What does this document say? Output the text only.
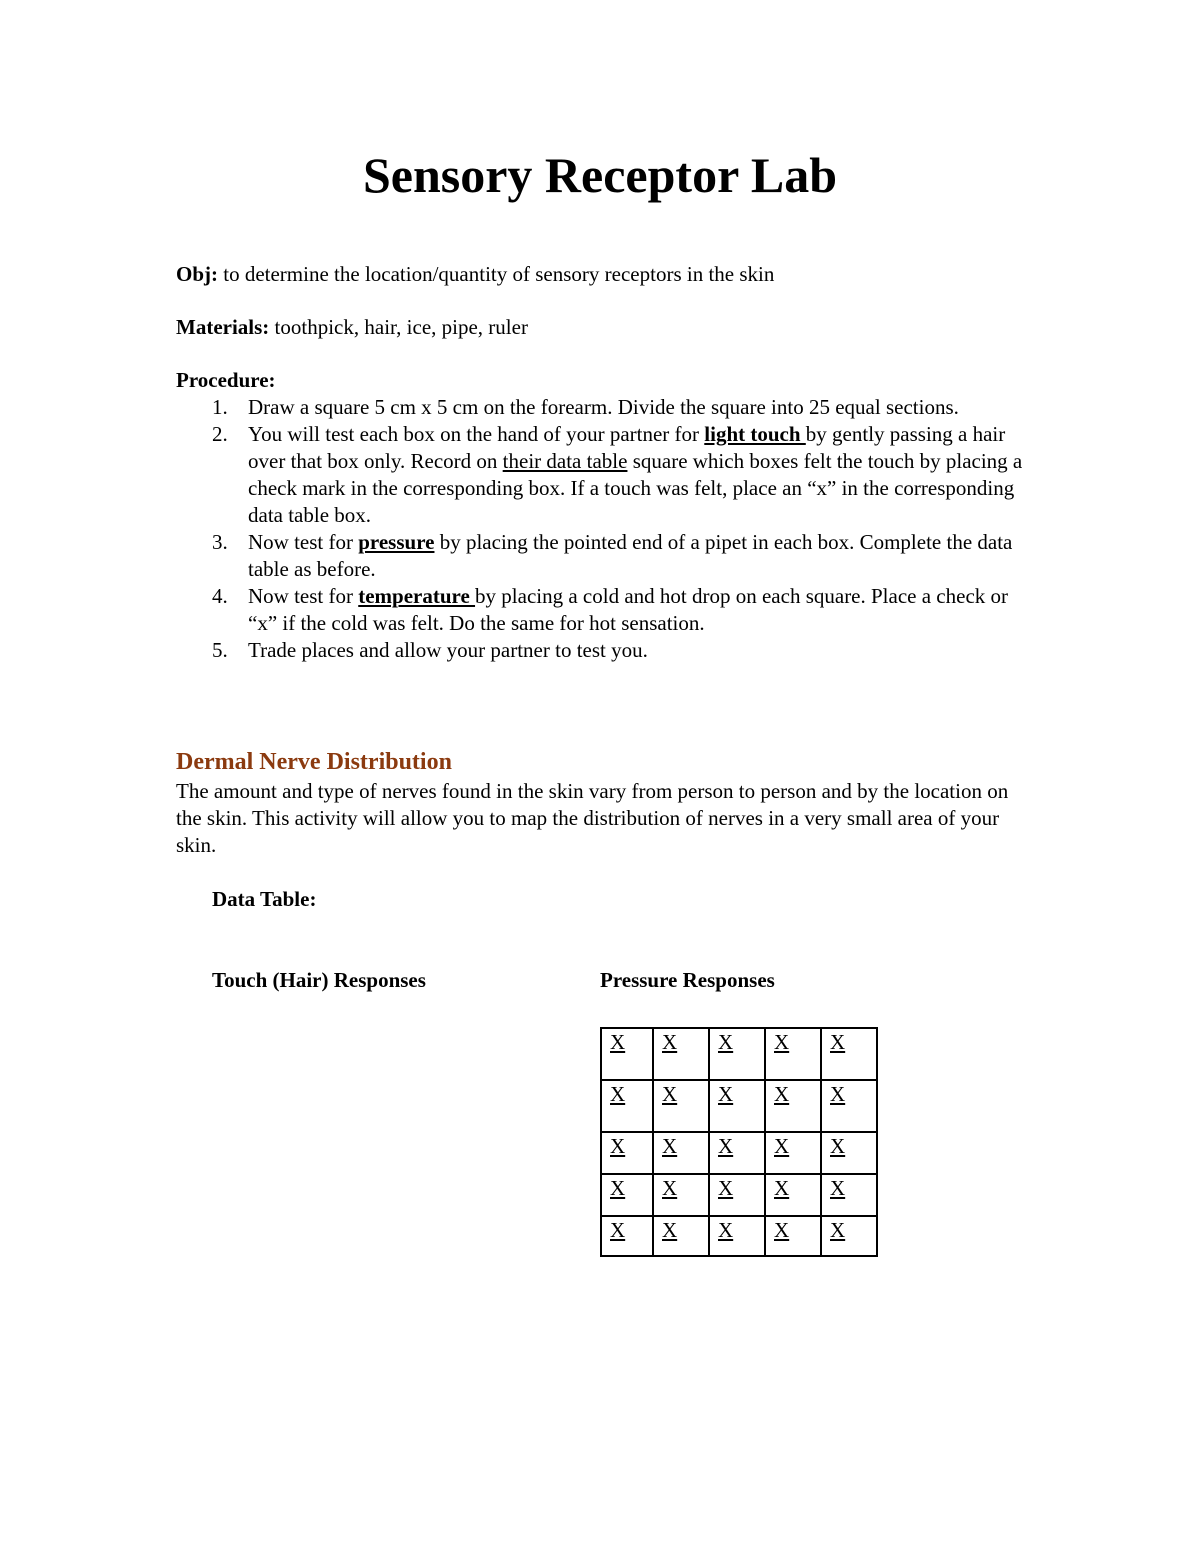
Sensory Receptor Lab
Obj: to determine the location/quantity of sensory receptors in the skin
Materials: toothpick, hair, ice, pipe, ruler
Procedure:
1. Draw a square 5 cm x 5 cm on the forearm. Divide the square into 25 equal sections.
2. You will test each box on the hand of your partner for light touch by gently passing a hair over that box only. Record on their data table square which boxes felt the touch by placing a check mark in the corresponding box. If a touch was felt, place an “x” in the corresponding data table box.
3. Now test for pressure by placing the pointed end of a pipet in each box. Complete the data table as before.
4. Now test for temperature by placing a cold and hot drop on each square. Place a check or “x” if the cold was felt. Do the same for hot sensation.
5. Trade places and allow your partner to test you.
Dermal Nerve Distribution
The amount and type of nerves found in the skin vary from person to person and by the location on the skin. This activity will allow you to map the distribution of nerves in a very small area of your skin.
Data Table:
Touch (Hair) Responses	Pressure Responses
X	X	X	X	X
X	X	X	X	X
X	X	X	X	X
X	X	X	X	X
X	X	X	X	X
